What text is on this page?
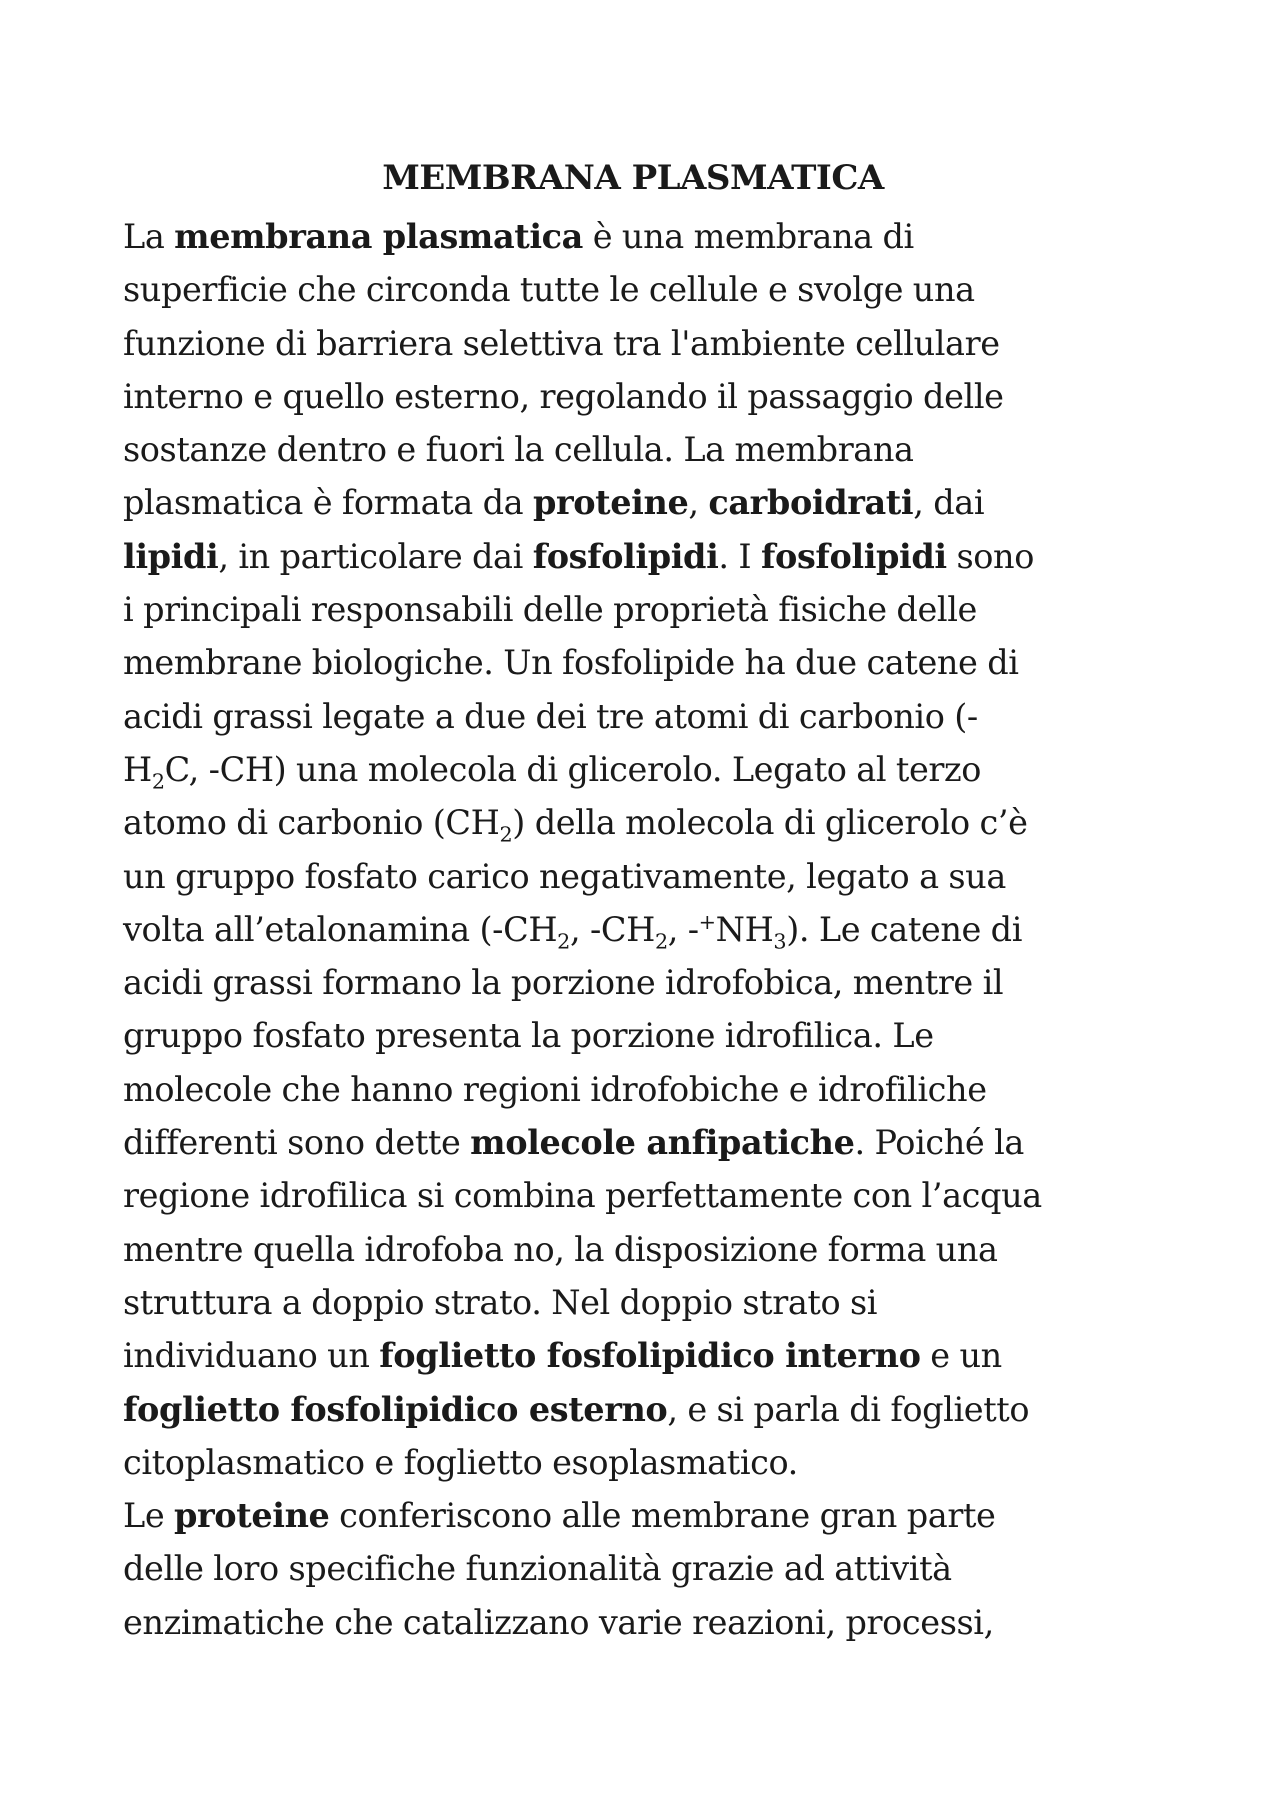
MEMBRANA PLASMATICA

La membrana plasmatica è una membrana di
superficie che circonda tutte le cellule e svolge una
funzione di barriera selettiva tra l'ambiente cellulare
interno e quello esterno, regolando il passaggio delle
sostanze dentro e fuori la cellula. La membrana
plasmatica è formata da proteine, carboidrati, dai
lipidi, in particolare dai fosfolipidi. I fosfolipidi sono
i principali responsabili delle proprietà fisiche delle
membrane biologiche. Un fosfolipide ha due catene di
acidi grassi legate a due dei tre atomi di carbonio (-
$H_2C$, -CH) una molecola di glicerolo. Legato al terzo
atomo di carbonio $(CH_2)$ della molecola di glicerolo c’è
un gruppo fosfato carico negativamente, legato a sua
volta all’etalonamina ($-CH_2$, $-CH_2$, $-^+NH_3$). Le catene di
acidi grassi formano la porzione idrofobica, mentre il
gruppo fosfato presenta la porzione idrofilica. Le
molecole che hanno regioni idrofobiche e idrofiliche
differenti sono dette molecole anfipatiche. Poiché la
regione idrofilica si combina perfettamente con l’acqua
mentre quella idrofoba no, la disposizione forma una
struttura a doppio strato. Nel doppio strato si
individuano un foglietto fosfolipidico interno e un
foglietto fosfolipidico esterno, e si parla di foglietto
citoplasmatico e foglietto esoplasmatico.
Le proteine conferiscono alle membrane gran parte
delle loro specifiche funzionalità grazie ad attività
enzimatiche che catalizzano varie reazioni, processi,
